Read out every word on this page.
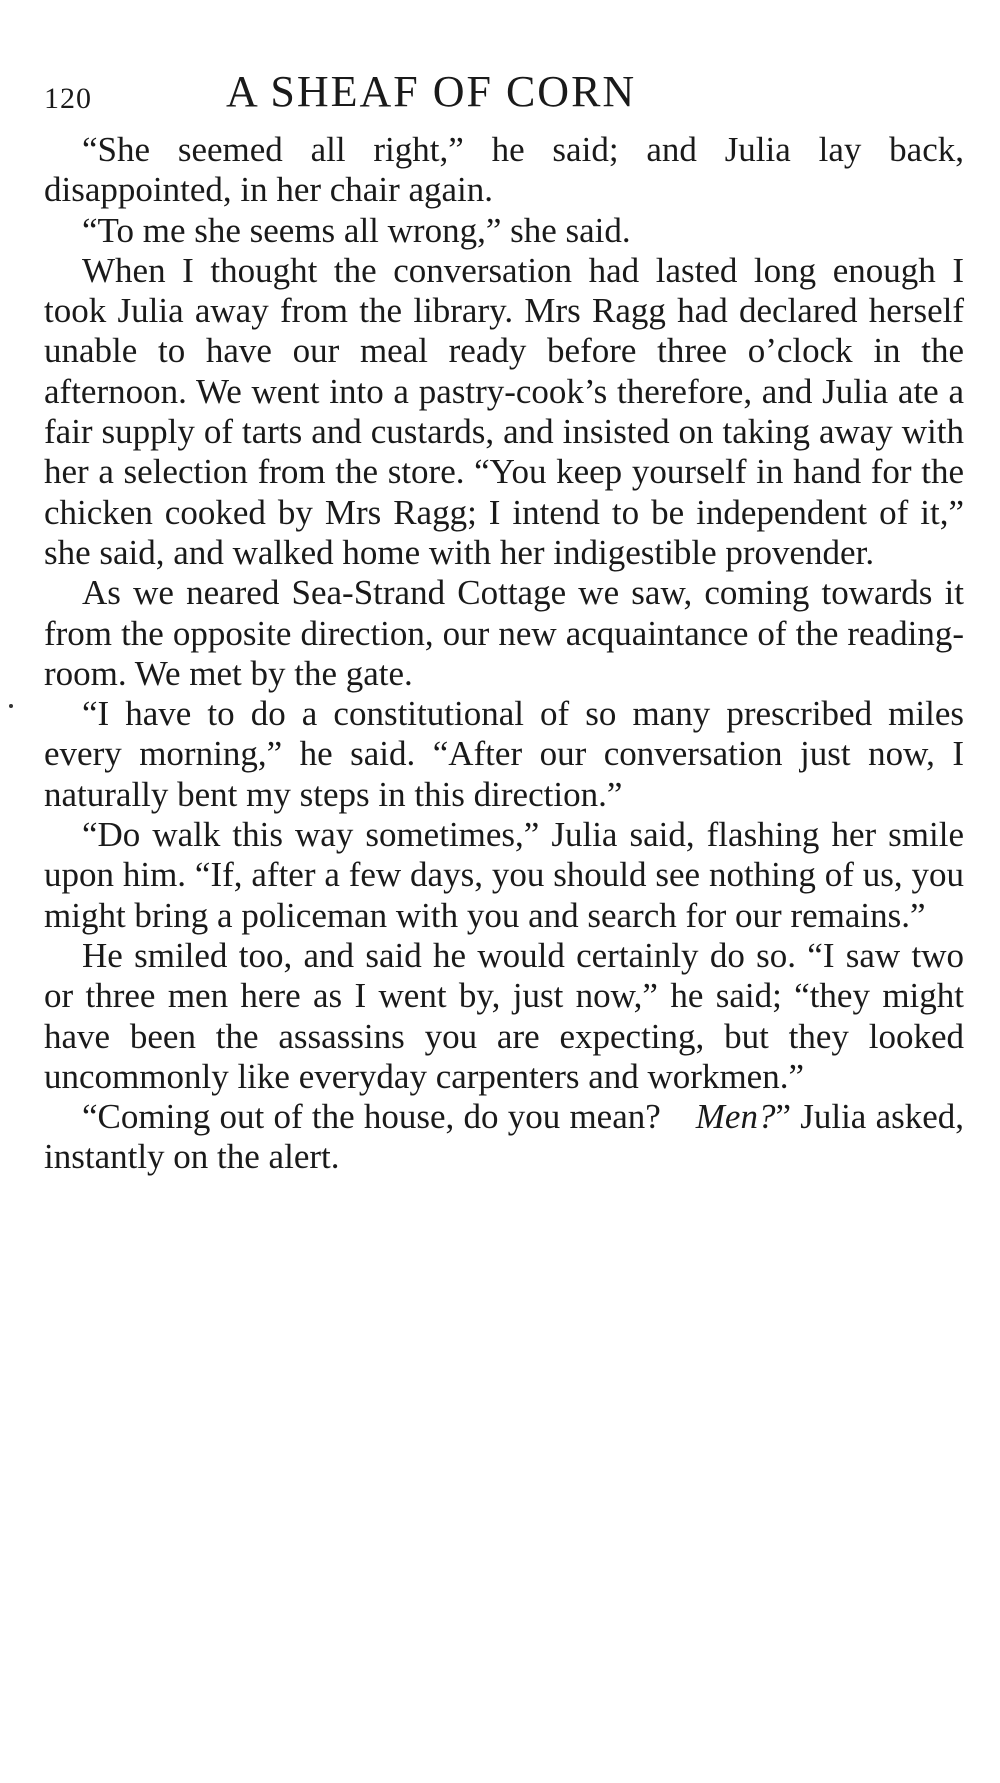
120	A SHEAF OF CORN

“She seemed all right,” he said; and Julia lay back, disappointed, in her chair again.

“To me she seems all wrong,” she said.

When I thought the conversation had lasted long enough I took Julia away from the library. Mrs Ragg had declared herself unable to have our meal ready before three o’clock in the afternoon. We went into a pastry-cook’s therefore, and Julia ate a fair supply of tarts and custards, and insisted on taking away with her a selection from the store. “You keep yourself in hand for the chicken cooked by Mrs Ragg; I intend to be independent of it,” she said, and walked home with her indigestible provender.

As we neared Sea-Strand Cottage we saw, coming towards it from the opposite direction, our new acquaintance of the reading-room. We met by the gate.

“I have to do a constitutional of so many prescribed miles every morning,” he said. “After our conversation just now, I naturally bent my steps in this direction.”

“Do walk this way sometimes,” Julia said, flashing her smile upon him. “If, after a few days, you should see nothing of us, you might bring a policeman with you and search for our remains.”

He smiled too, and said he would certainly do so. “I saw two or three men here as I went by, just now,” he said; “they might have been the assassins you are expecting, but they looked uncommonly like everyday carpenters and workmen.”

“Coming out of the house, do you mean?  Men?” Julia asked, instantly on the alert.
